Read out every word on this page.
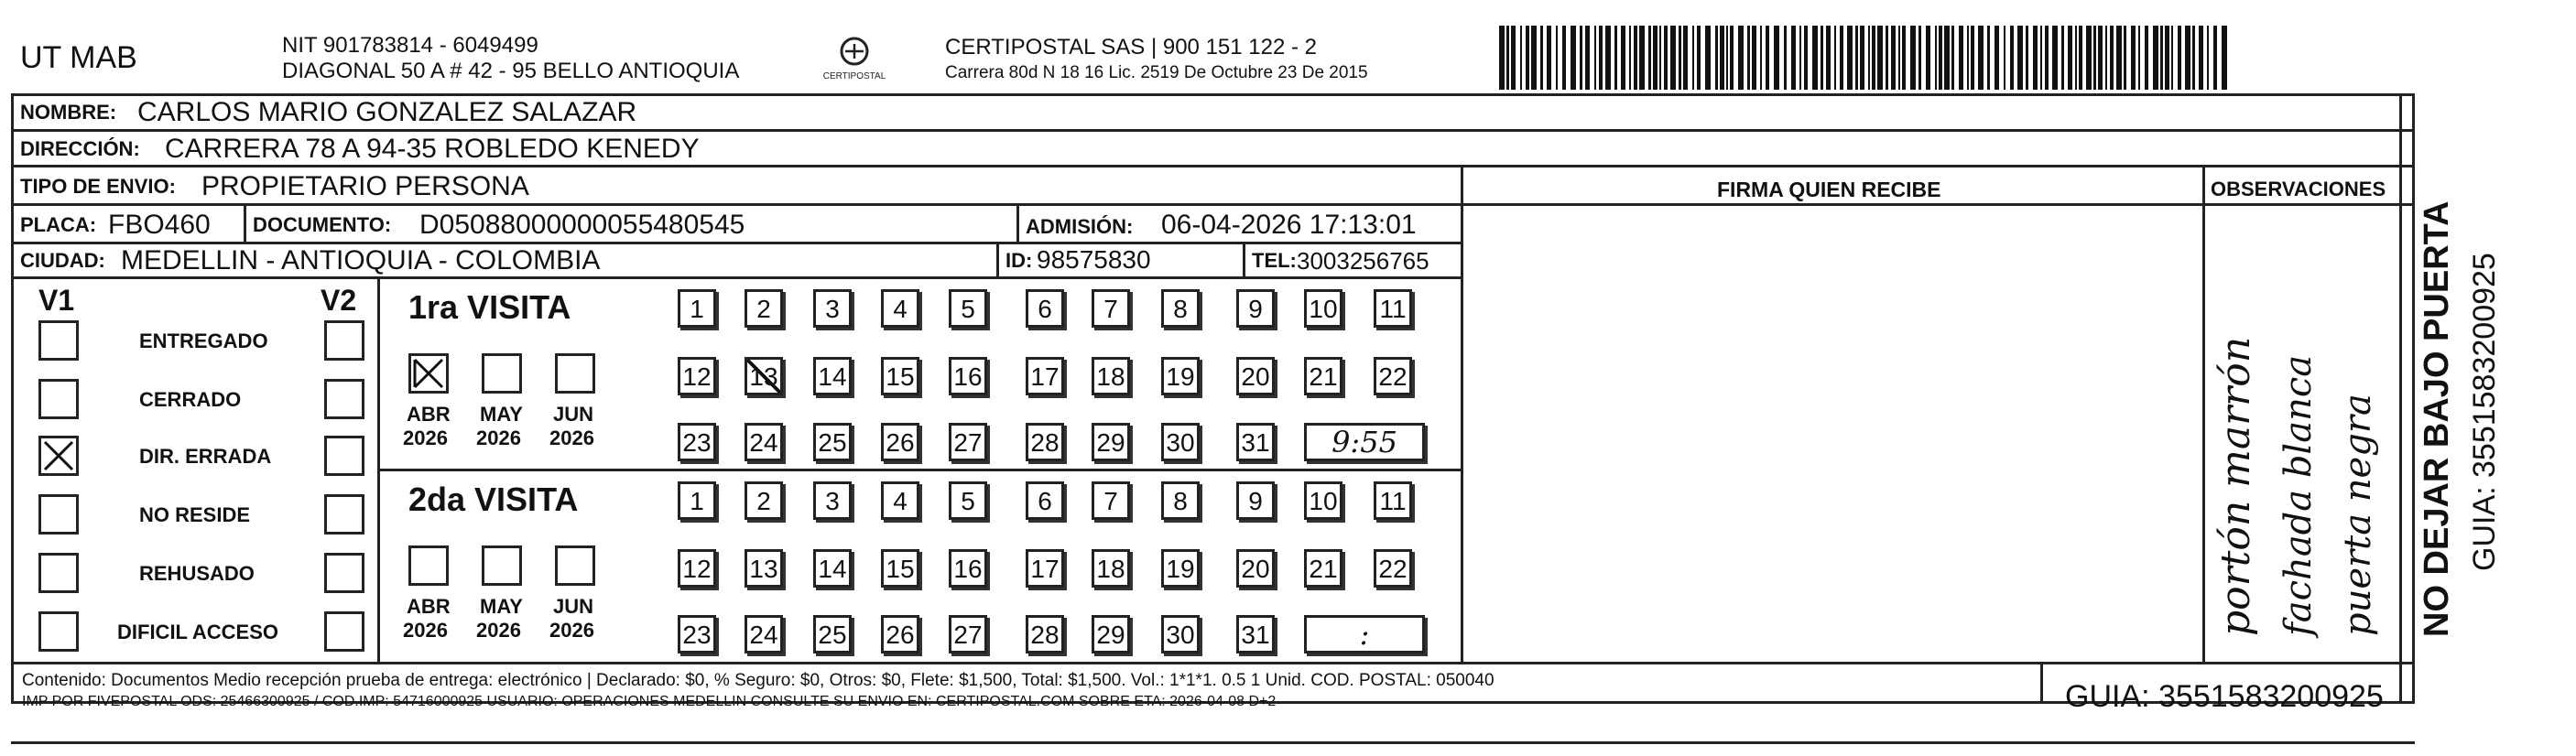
UT MAB	NIT 901783814 - 6049499
DIAGONAL 50 A # 42 - 95 BELLO ANTIOQUIA	CERTIPOSTAL
CERTIPOSTAL SAS | 900 151 122 - 2
Carrera 80d N 18 16 Lic. 2519 De Octubre 23 De 2015
NOMBRE: CARLOS MARIO GONZALEZ SALAZAR
DIRECCIÓN: CARRERA 78 A 94-35 ROBLEDO KENEDY
TIPO DE ENVIO: PROPIETARIO PERSONA
PLACA: FBO460 DOCUMENTO: D05088000000055480545	ADMISIÓN: 06-04-2026 17:13:01
CIUDAD: MEDELLIN - ANTIOQUIA - COLOMBIA	ID: 98575830	TEL: 3003256765
FIRMA QUIEN RECIBE	OBSERVACIONES
portón marrón fachada blanca puerta negra
V1	V2
Contenido: Documentos Medio recepción prueba de entrega: electrónico | Declarado: $0, % Seguro: $0, Otros: $0, Flete: $1,500, Total: $1,500. Vol.: 1*1*1. 0.5 1 Unid. COD. POSTAL: 050040
IMP POR FIVEPOSTAL ODS: 25466300925 / COD.IMP: 54716000925 USUARIO: OPERACIONES MEDELLIN CONSULTE SU ENVIO EN: CERTIPOSTAL.COM SOBRE ETA: 2026-04-08 D+2	GUIA: 3551583200925
NO DEJAR BAJO PUERTA GUIA: 3551583200925
ENTREGADO
CERRADO
DIR. ERRADA
NO RESIDE
REHUSADO
DIFICIL ACCESO
1ra VISITA
ABR
2026
MAY
2026
JUN
2026
1	2	3	4	5	6	7	8	9	10 11
12 13 14 15 16 17 18 19 20 21 22
23 24 25 26 27 28 29 30 31	9:55
2da VISITA
ABR
2026
MAY
2026
JUN
2026
1	2	3	4	5	6	7	8	9	10 11
12 13 14 15 16 17 18 19 20 21 22
23 24 25 26 27 28 29 30 31	:
